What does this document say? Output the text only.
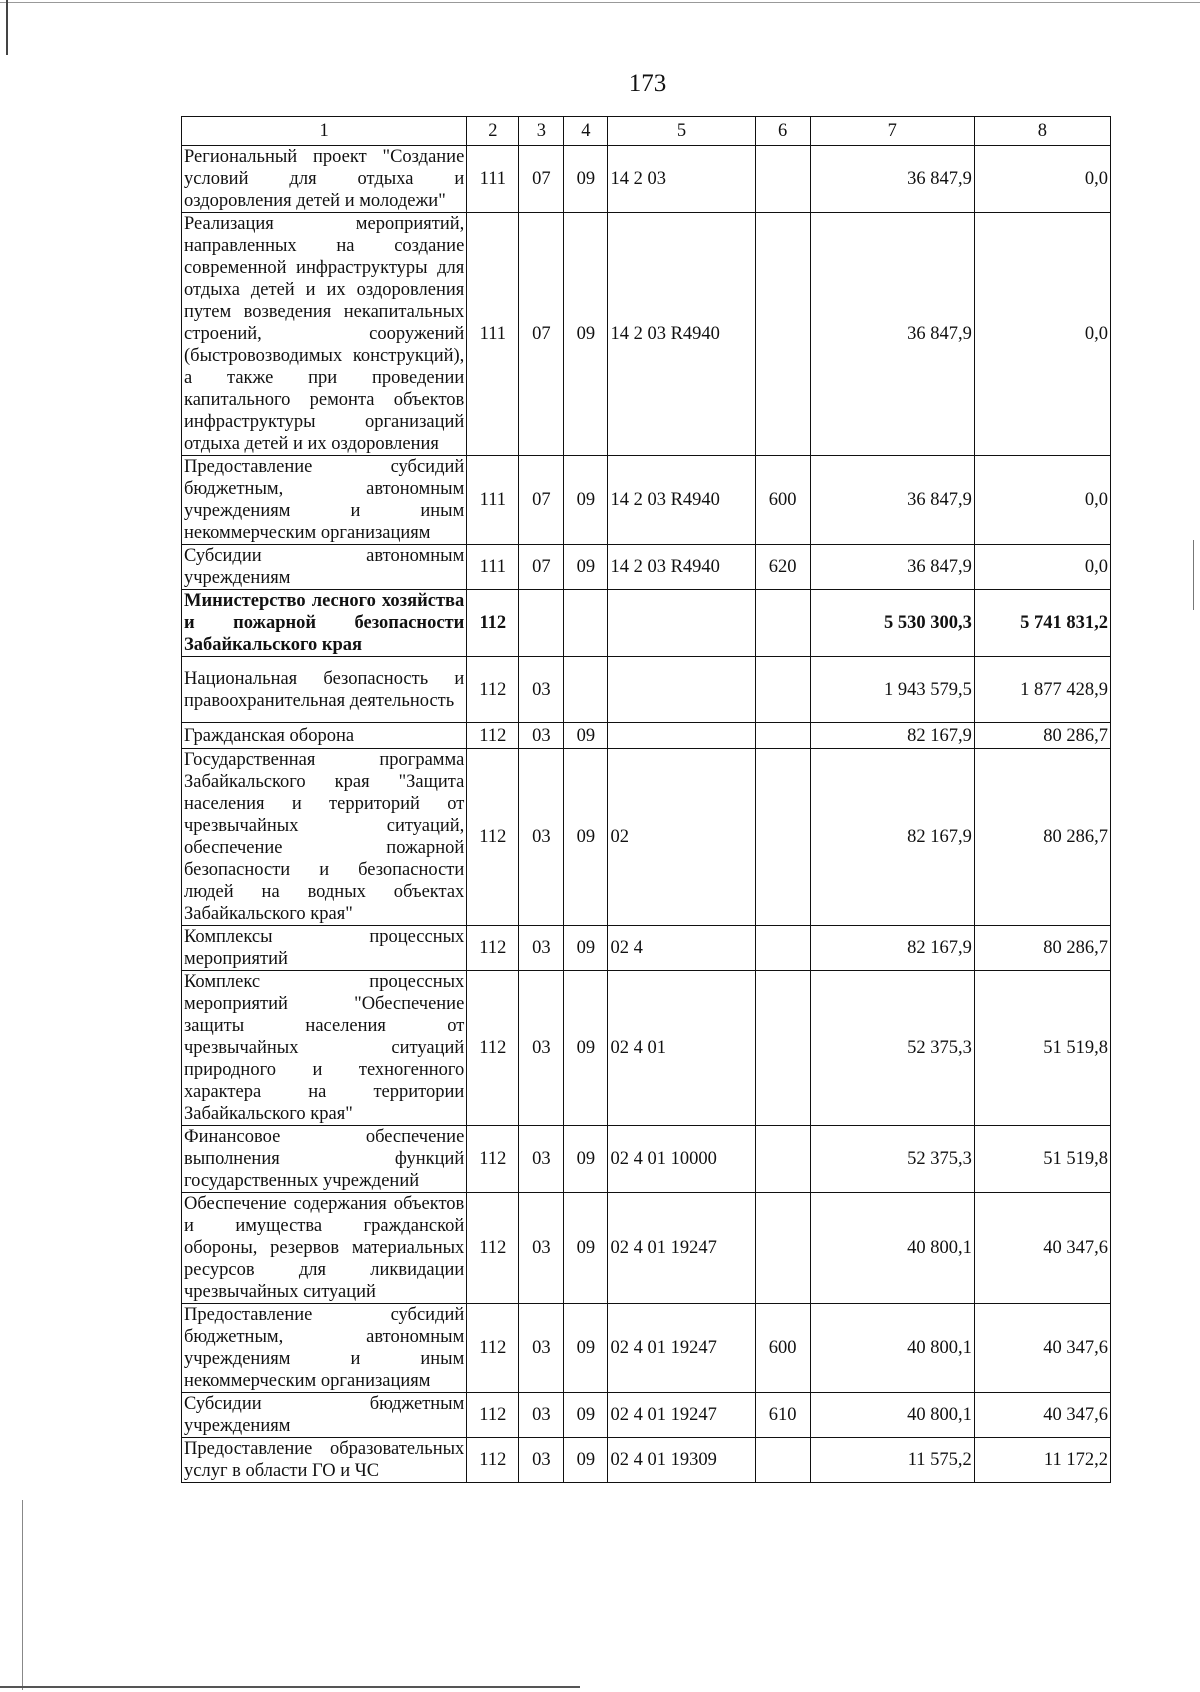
173
1	2	3	4	5	6	7	8
Региональный проект "Создание условий для отдыха и оздоровления детей и молодежи"	111	07	09	14 2 03		36 847,9	0,0
Реализация мероприятий, направленных на создание современной инфраструктуры для отдыха детей и их оздоровления путем возведения некапитальных строений, сооружений (быстровозводимых конструкций), а также при проведении капитального ремонта объектов инфраструктуры организаций отдыха детей и их оздоровления	111	07	09	14 2 03 R4940		36 847,9	0,0
Предоставление субсидий бюджетным, автономным учреждениям и иным некоммерческим организациям	111	07	09	14 2 03 R4940	600	36 847,9	0,0
Субсидии автономным учреждениям	111	07	09	14 2 03 R4940	620	36 847,9	0,0
Министерство лесного хозяйства и пожарной безопасности Забайкальского края	112					5 530 300,3	5 741 831,2
Национальная безопасность и правоохранительная деятельность	112	03				1 943 579,5	1 877 428,9
Гражданская оборона	112	03	09			82 167,9	80 286,7
Государственная программа Забайкальского края "Защита населения и территорий от чрезвычайных ситуаций, обеспечение пожарной безопасности и безопасности людей на водных объектах Забайкальского края"	112	03	09	02		82 167,9	80 286,7
Комплексы процессных мероприятий	112	03	09	02 4		82 167,9	80 286,7
Комплекс процессных мероприятий "Обеспечение защиты населения от чрезвычайных ситуаций природного и техногенного характера на территории Забайкальского края"	112	03	09	02 4 01		52 375,3	51 519,8
Финансовое обеспечение выполнения функций государственных учреждений	112	03	09	02 4 01 10000		52 375,3	51 519,8
Обеспечение содержания объектов и имущества гражданской обороны, резервов материальных ресурсов для ликвидации чрезвычайных ситуаций	112	03	09	02 4 01 19247		40 800,1	40 347,6
Предоставление субсидий бюджетным, автономным учреждениям и иным некоммерческим организациям	112	03	09	02 4 01 19247	600	40 800,1	40 347,6
Субсидии бюджетным учреждениям	112	03	09	02 4 01 19247	610	40 800,1	40 347,6
Предоставление образовательных услуг в области ГО и ЧС	112	03	09	02 4 01 19309		11 575,2	11 172,2
